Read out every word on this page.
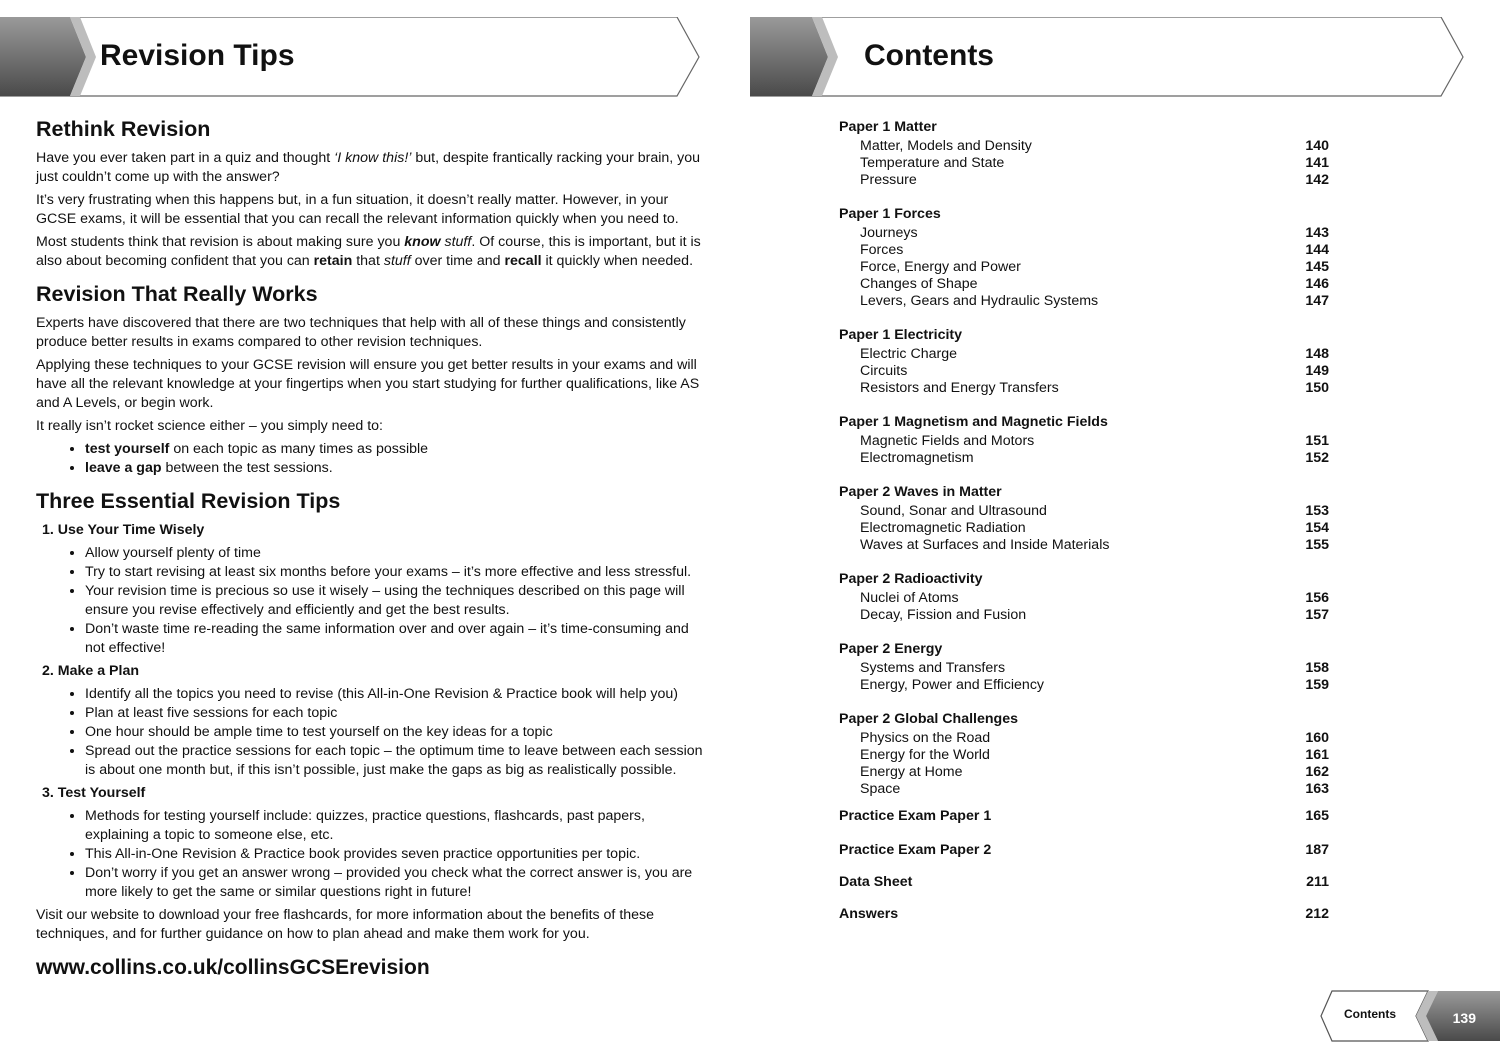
Revision Tips
Rethink Revision

Have you ever taken part in a quiz and thought ‘I know this!’ but, despite frantically racking your brain, you just couldn’t come up with the answer?

It’s very frustrating when this happens but, in a fun situation, it doesn’t really matter. However, in your GCSE exams, it will be essential that you can recall the relevant information quickly when you need to.

Most students think that revision is about making sure you know stuff. Of course, this is important, but it is also about becoming confident that you can retain that stuff over time and recall it quickly when needed.

Revision That Really Works

Experts have discovered that there are two techniques that help with all of these things and consistently produce better results in exams compared to other revision techniques.

Applying these techniques to your GCSE revision will ensure you get better results in your exams and will have all the relevant knowledge at your fingertips when you start studying for further qualifications, like AS and A Levels, or begin work.

It really isn’t rocket science either – you simply need to:

• test yourself on each topic as many times as possible
• leave a gap between the test sessions.
Three Essential Revision Tips
1. Use Your Time Wisely
• Allow yourself plenty of time
• Try to start revising at least six months before your exams – it’s more effective and less stressful.
• Your revision time is precious so use it wisely – using the techniques described on this page will ensure you revise effectively and efficiently and get the best results.
• Don’t waste time re-reading the same information over and over again – it’s time-consuming and not effective!
2. Make a Plan
• Identify all the topics you need to revise (this All-in-One Revision & Practice book will help you)
• Plan at least five sessions for each topic
• One hour should be ample time to test yourself on the key ideas for a topic
• Spread out the practice sessions for each topic – the optimum time to leave between each session is about one month but, if this isn’t possible, just make the gaps as big as realistically possible.
3. Test Yourself
• Methods for testing yourself include: quizzes, practice questions, flashcards, past papers, explaining a topic to someone else, etc.
• This All-in-One Revision & Practice book provides seven practice opportunities per topic.
• Don’t worry if you get an answer wrong – provided you check what the correct answer is, you are more likely to get the same or similar questions right in future!

Visit our website to download your free flashcards, for more information about the benefits of these techniques, and for further guidance on how to plan ahead and make them work for you.

www.collins.co.uk/collinsGCSErevision
Contents
Paper 1 Matter
Matter, Models and Density	140
Temperature and State	141
Pressure	142
Paper 1 Forces
Journeys	143
Forces	144
Force, Energy and Power	145
Changes of Shape	146
Levers, Gears and Hydraulic Systems	147
Paper 1 Electricity
Electric Charge	148
Circuits	149
Resistors and Energy Transfers	150
Paper 1 Magnetism and Magnetic Fields
Magnetic Fields and Motors	151
Electromagnetism	152
Paper 2 Waves in Matter
Sound, Sonar and Ultrasound	153
Electromagnetic Radiation	154
Waves at Surfaces and Inside Materials	155
Paper 2 Radioactivity
Nuclei of Atoms	156
Decay, Fission and Fusion	157
Paper 2 Energy
Systems and Transfers	158
Energy, Power and Efficiency	159
Paper 2 Global Challenges
Physics on the Road	160
Energy for the World	161
Energy at Home	162
Space	163
Practice Exam Paper 1	165
Practice Exam Paper 2	187
Data Sheet	211
Answers	212
Contents	139
